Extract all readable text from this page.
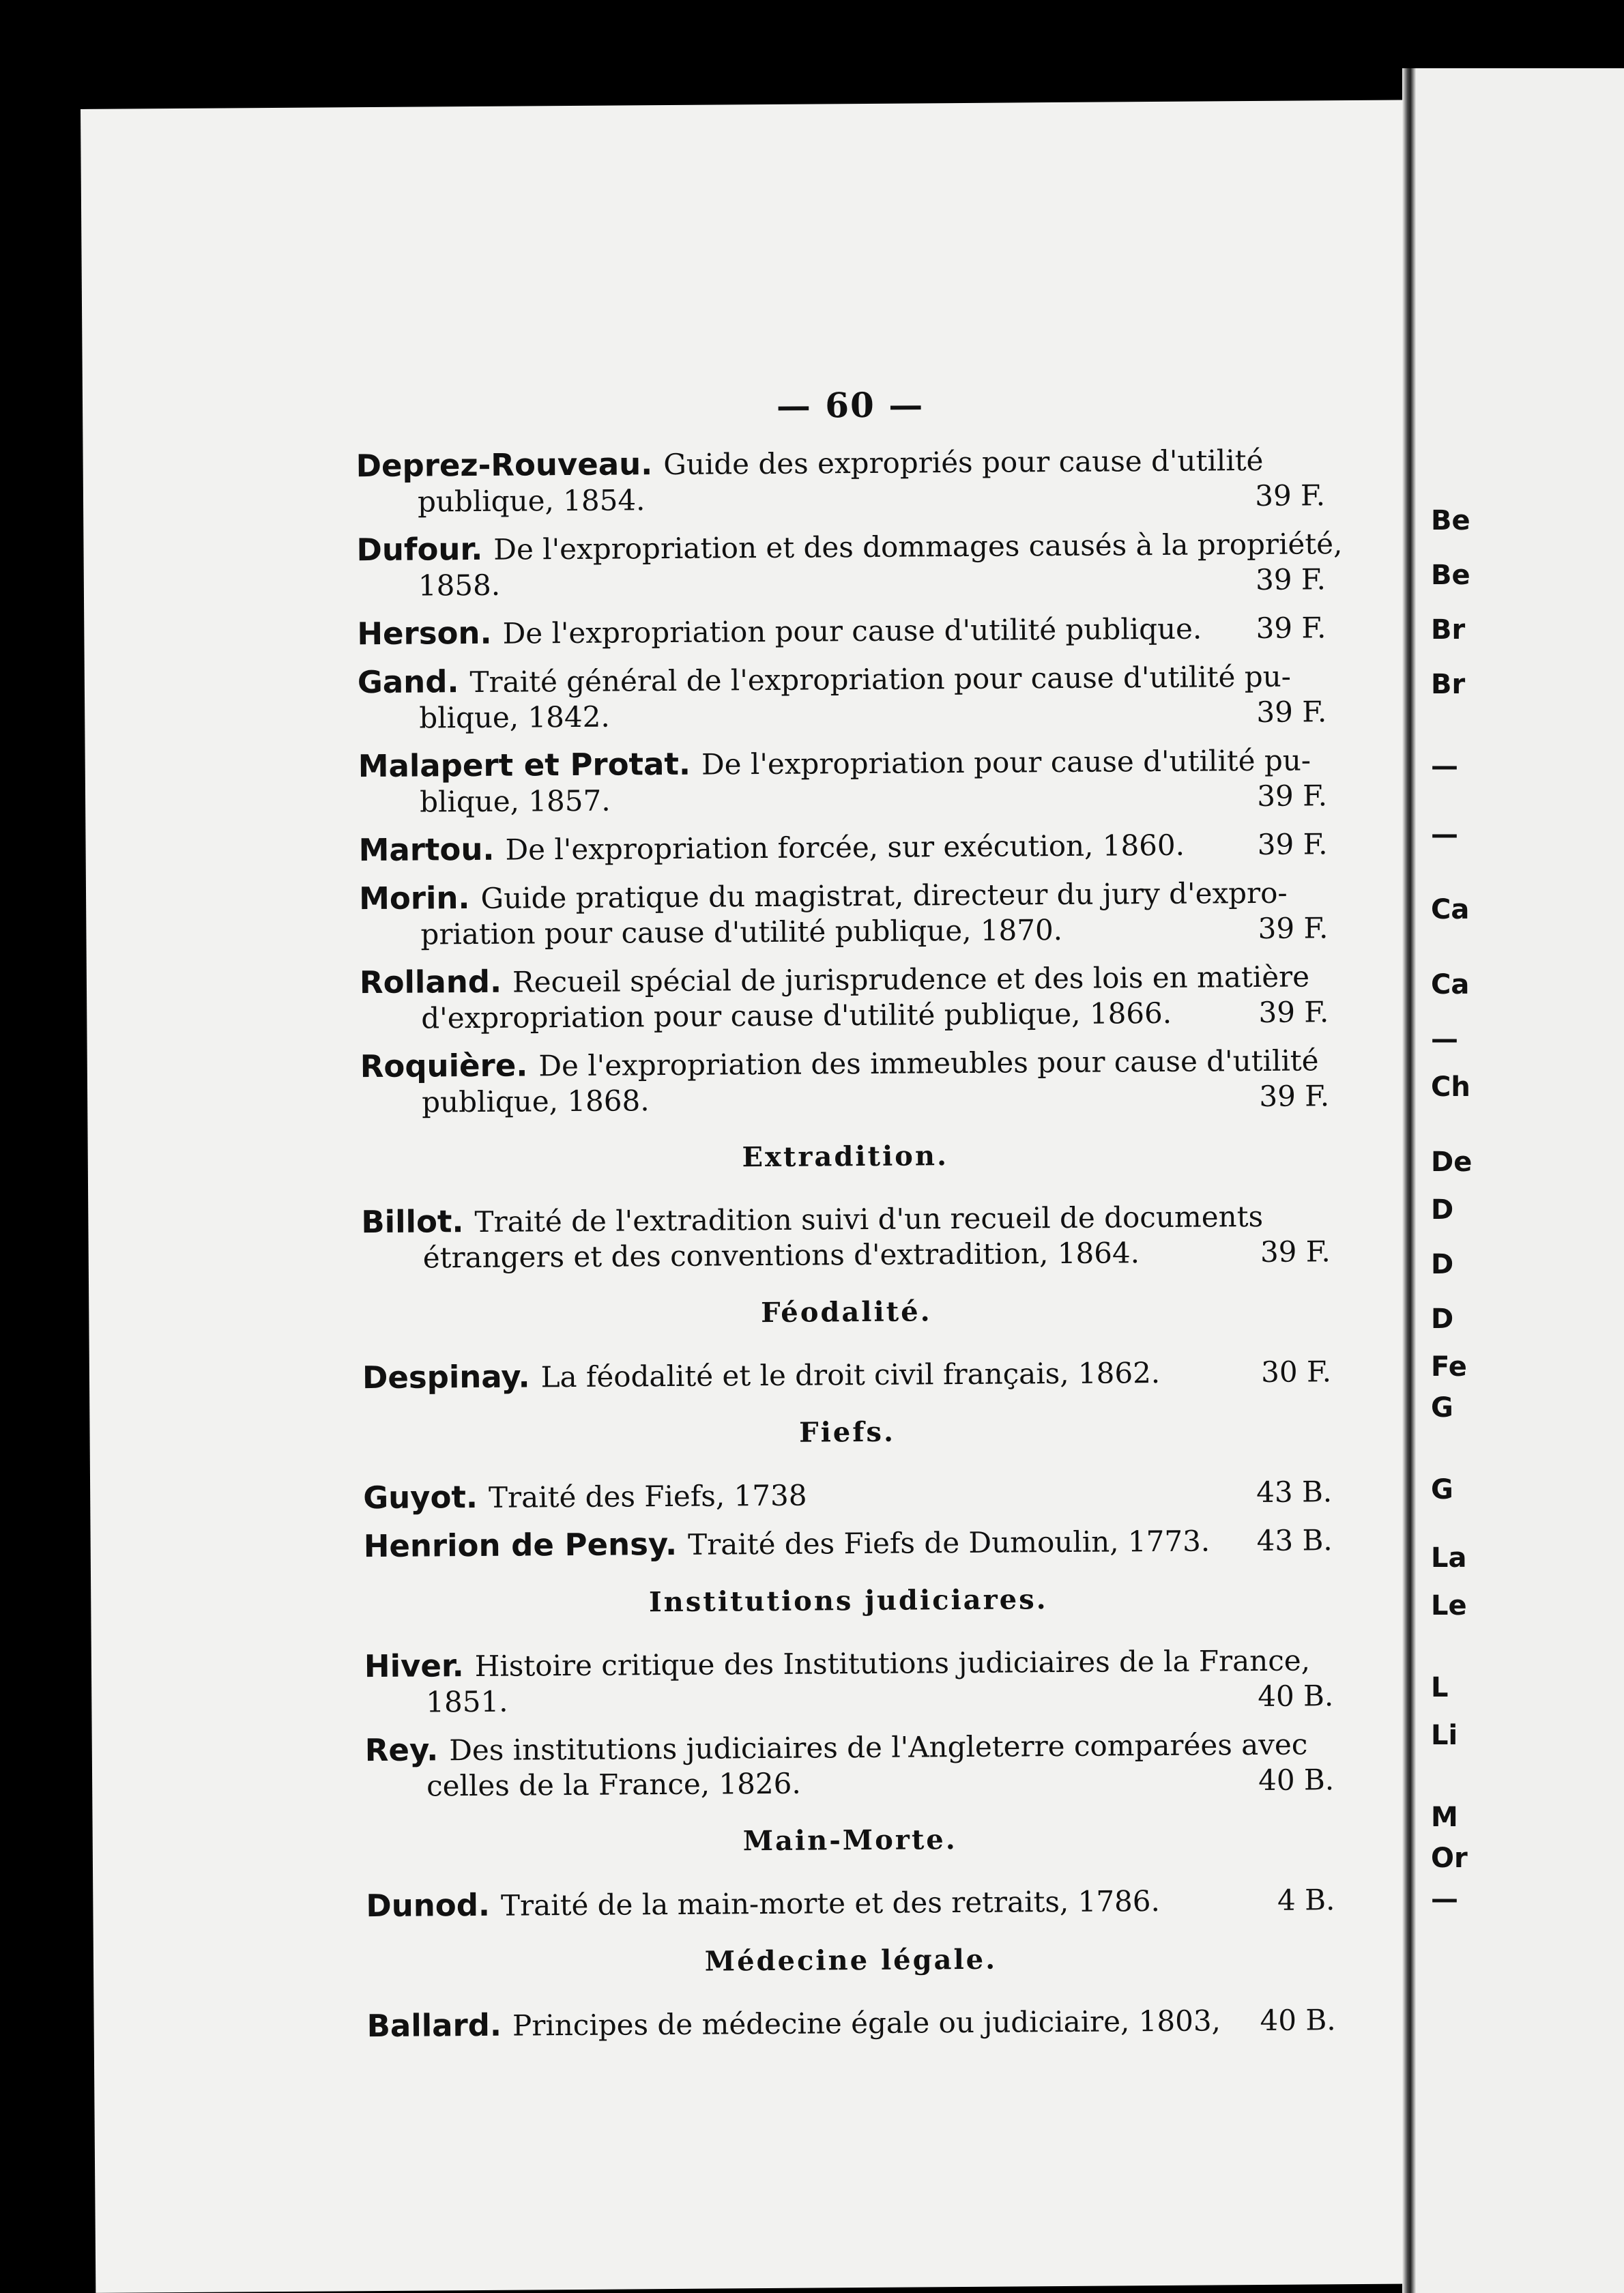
— 60 —
Deprez-Rouveau. Guide des expropriés pour cause d'utilité
publique, 1854.	39 F.
Dufour. De l'expropriation et des dommages causés à la propriété,
1858.	39 F.
Herson. De l'expropriation pour cause d'utilité publique.	39 F.
Gand. Traité général de l'expropriation pour cause d'utilité pu-
blique, 1842.	39 F.
Malapert et Protat. De l'expropriation pour cause d'utilité pu-
blique, 1857.	39 F.
Martou. De l'expropriation forcée, sur exécution, 1860.	39 F.
Morin. Guide pratique du magistrat, directeur du jury d'expro-
priation pour cause d'utilité publique, 1870.	39 F.
Rolland. Recueil spécial de jurisprudence et des lois en matière
d'expropriation pour cause d'utilité publique, 1866.	39 F.
Roquière. De l'expropriation des immeubles pour cause d'utilité
publique, 1868.	39 F.
Extradition.
Billot. Traité de l'extradition suivi d'un recueil de documents
étrangers et des conventions d'extradition, 1864.	39 F.
Féodalité.
Despinay. La féodalité et le droit civil français, 1862.	30 F.
Fiefs.
Guyot. Traité des Fiefs, 1738	43 B.
Henrion de Pensy. Traité des Fiefs de Dumoulin, 1773.	43 B.
Institutions judiciares.
Hiver. Histoire critique des Institutions judiciaires de la France,
1851.	40 B.
Rey. Des institutions judiciaires de l'Angleterre comparées avec
celles de la France, 1826.	40 B.
Main-Morte.
Dunod. Traité de la main-morte et des retraits, 1786.	4 B.
Médecine légale.
Ballard. Principes de médecine égale ou judiciaire, 1803,	40 B.
Be
Be
Br
Br
—
—
Ca
Ca
—
Ch
De
D
D
D
Fe
G
G
La
Le
L
Li
M
Or
—
